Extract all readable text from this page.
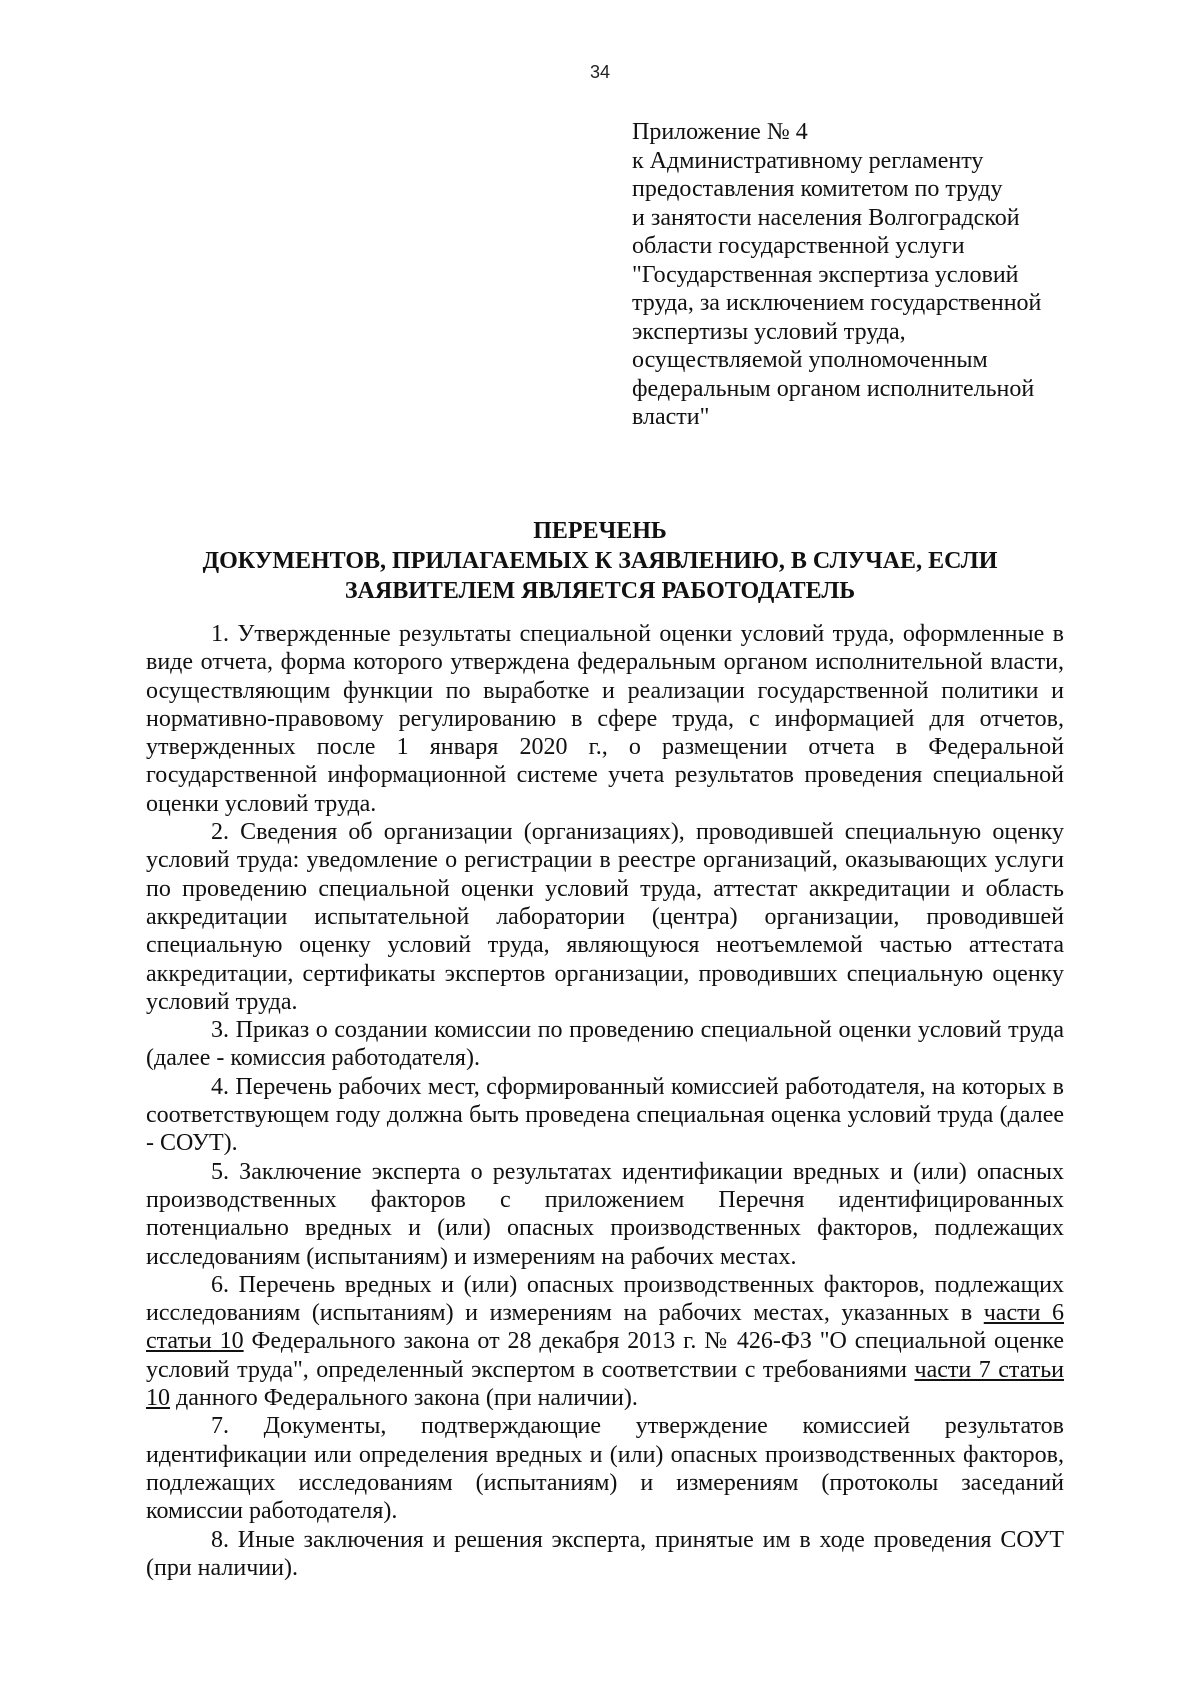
34
Приложение № 4
к Административному регламенту
предоставления комитетом по труду
и занятости населения Волгоградской
области государственной услуги
"Государственная экспертиза условий
труда, за исключением государственной
экспертизы условий труда,
осуществляемой уполномоченным
федеральным органом исполнительной
власти"
ПЕРЕЧЕНЬ
ДОКУМЕНТОВ, ПРИЛАГАЕМЫХ К ЗАЯВЛЕНИЮ, В СЛУЧАЕ, ЕСЛИ
ЗАЯВИТЕЛЕМ ЯВЛЯЕТСЯ РАБОТОДАТЕЛЬ

1. Утвержденные результаты специальной оценки условий труда, оформленные в виде отчета, форма которого утверждена федеральным органом исполнительной власти, осуществляющим функции по выработке и реализации государственной политики и нормативно-правовому регулированию в сфере труда, с информацией для отчетов, утвержденных после 1 января 2020 г., о размещении отчета в Федеральной государственной информационной системе учета результатов проведения специальной оценки условий труда.

2. Сведения об организации (организациях), проводившей специальную оценку условий труда: уведомление о регистрации в реестре организаций, оказывающих услуги по проведению специальной оценки условий труда, аттестат аккредитации и область аккредитации испытательной лаборатории (центра) организации, проводившей специальную оценку условий труда, являющуюся неотъемлемой частью аттестата аккредитации, сертификаты экспертов организации, проводивших специальную оценку условий труда.

3. Приказ о создании комиссии по проведению специальной оценки условий труда (далее - комиссия работодателя).

4. Перечень рабочих мест, сформированный комиссией работодателя, на которых в соответствующем году должна быть проведена специальная оценка условий труда (далее - СОУТ).

5. Заключение эксперта о результатах идентификации вредных и (или) опасных производственных факторов с приложением Перечня идентифицированных потенциально вредных и (или) опасных производственных факторов, подлежащих исследованиям (испытаниям) и измерениям на рабочих местах.

6. Перечень вредных и (или) опасных производственных факторов, подлежащих исследованиям (испытаниям) и измерениям на рабочих местах, указанных в части 6 статьи 10 Федерального закона от 28 декабря 2013 г. № 426-ФЗ "О специальной оценке условий труда", определенный экспертом в соответствии с требованиями части 7 статьи 10 данного Федерального закона (при наличии).

7. Документы, подтверждающие утверждение комиссией результатов идентификации или определения вредных и (или) опасных производственных факторов, подлежащих исследованиям (испытаниям) и измерениям (протоколы заседаний комиссии работодателя).

8. Иные заключения и решения эксперта, принятые им в ходе проведения СОУТ (при наличии).
